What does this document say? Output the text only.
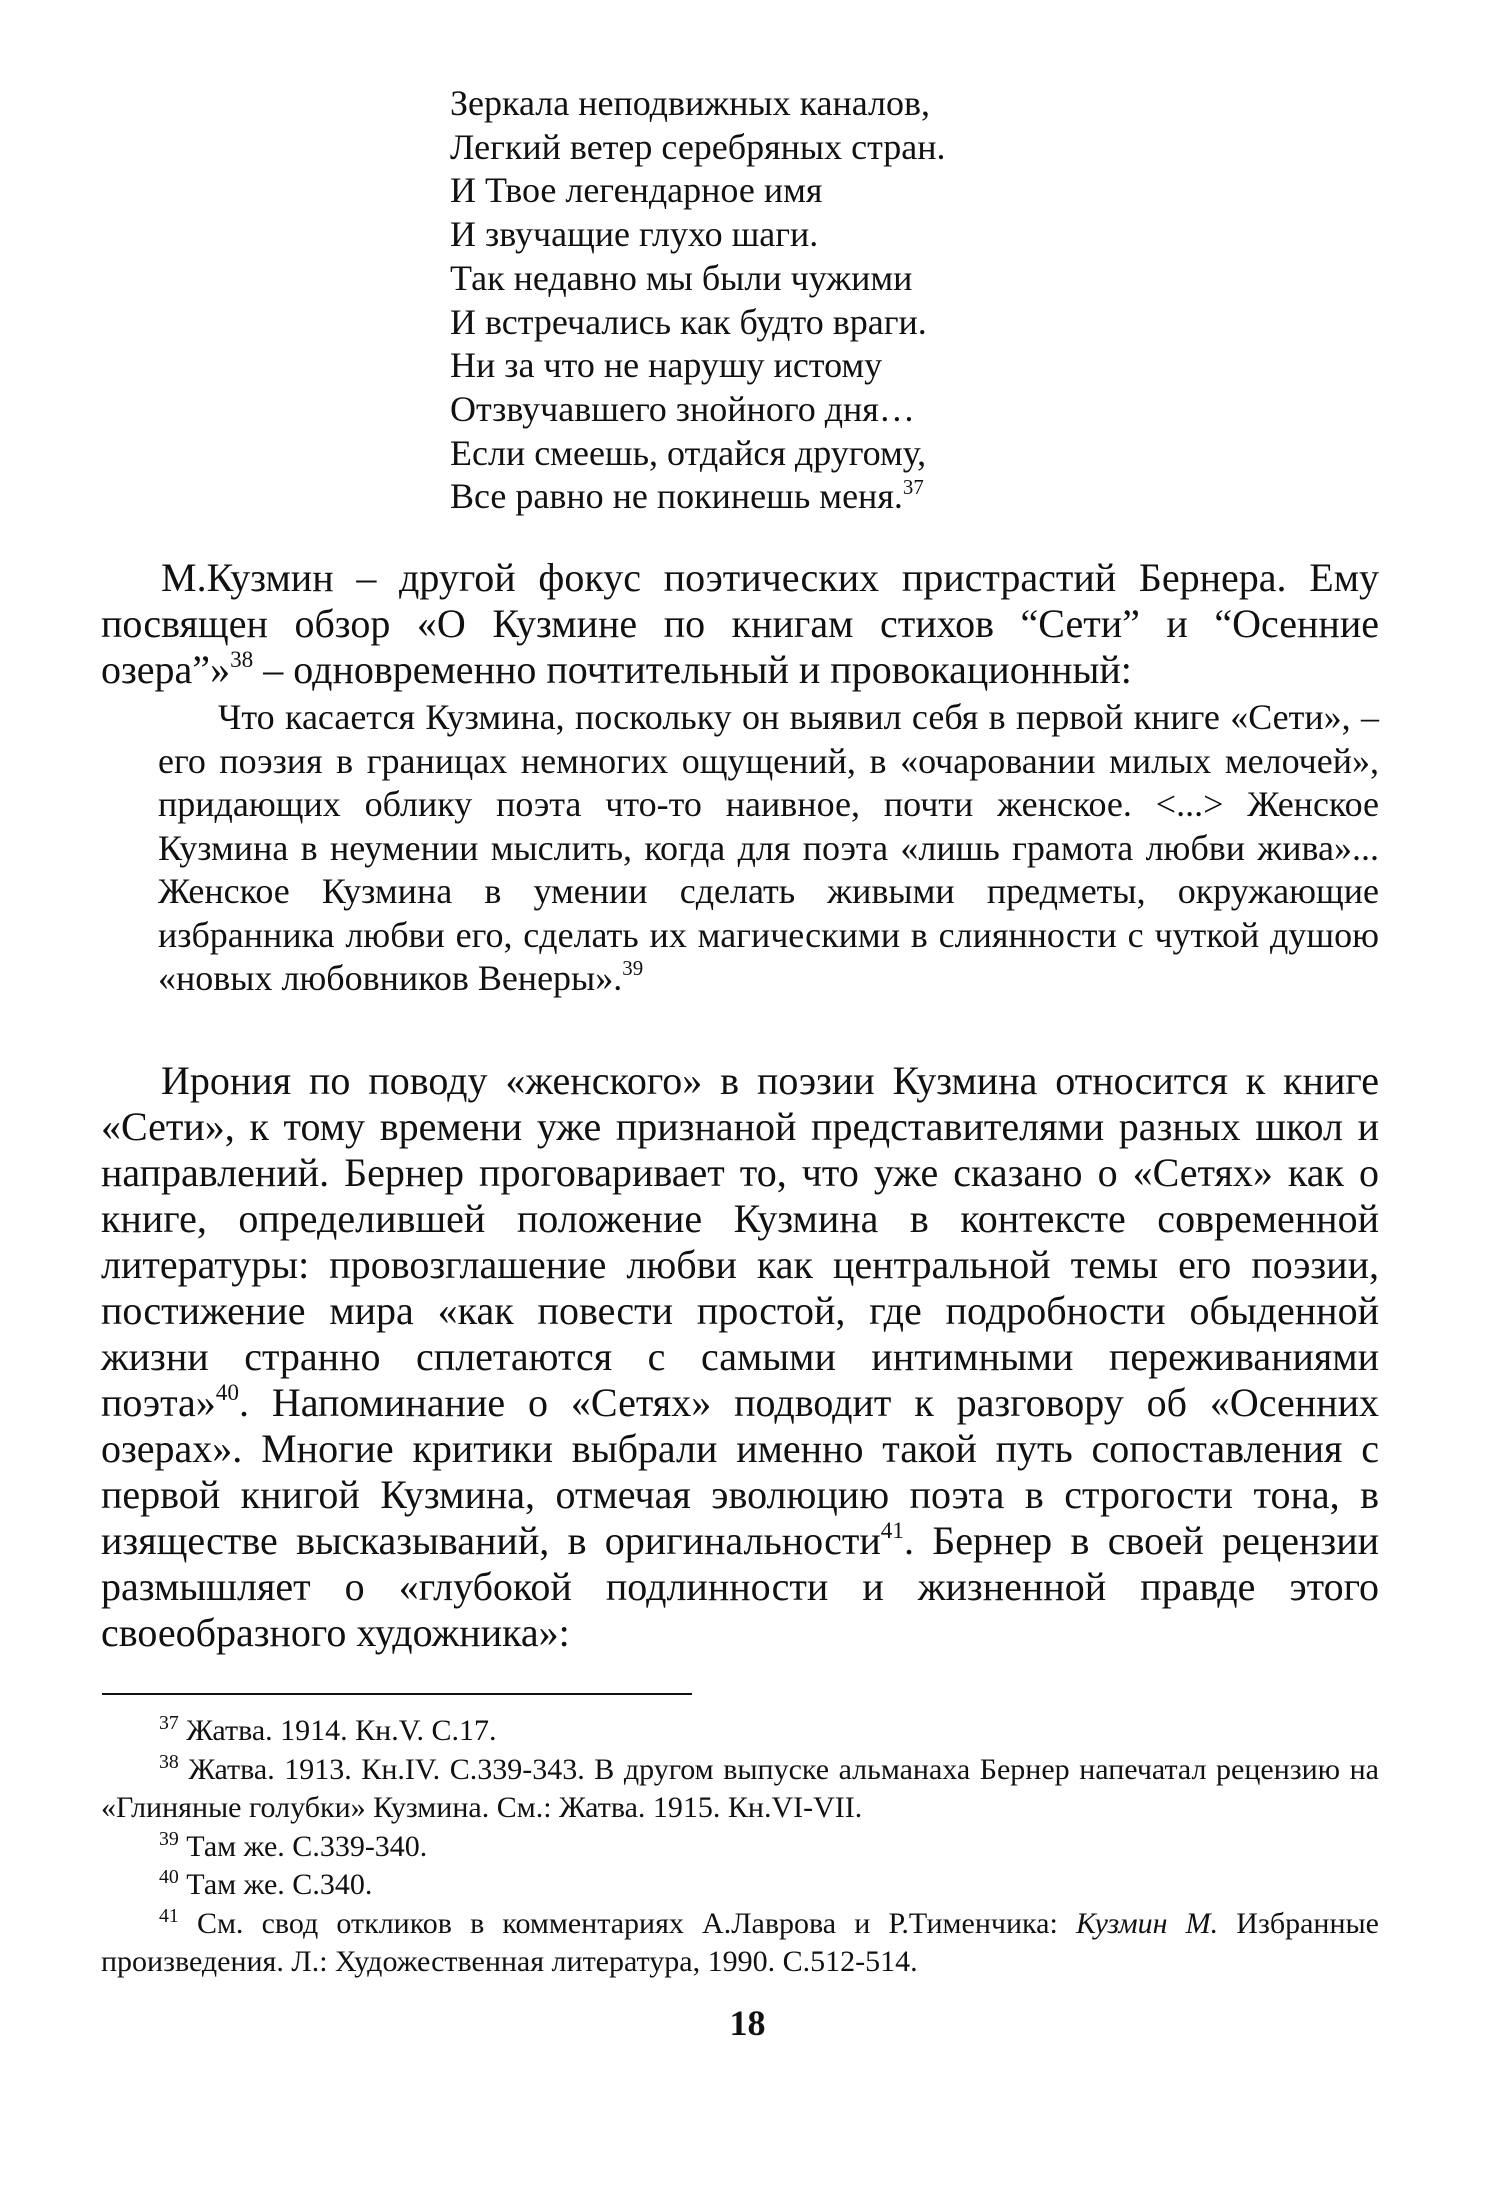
Зеркала неподвижных каналов,
Легкий ветер серебряных стран.
И Твое легендарное имя
И звучащие глухо шаги.
Так недавно мы были чужими
И встречались как будто враги.
Ни за что не нарушу истому
Отзвучавшего знойного дня…
Если смеешь, отдайся другому,
Все равно не покинешь меня.$^{37}$

М.Кузмин – другой фокус поэтических пристрастий Бернера. Ему посвящен обзор «О Кузмине по книгам стихов “Сети” и “Осенние озера”»$^{38}$ – одновременно почтительный и провокационный:

Что касается Кузмина, поскольку он выявил себя в первой книге «Сети», – его поэзия в границах немногих ощущений, в «очаровании милых мелочей», придающих облику поэта что-то наивное, почти женское. <...> Женское Кузмина в неумении мыслить, когда для поэта «лишь грамота любви жива»... Женское Кузмина в умении сделать живыми предметы, окружающие избранника любви его, сделать их магическими в слиянности с чуткой душою «новых любовников Венеры».$^{39}$

Ирония по поводу «женского» в поэзии Кузмина относится к книге «Сети», к тому времени уже признаной представителями разных школ и направлений. Бернер проговаривает то, что уже сказано о «Сетях» как о книге, определившей положение Кузмина в контексте современной литературы: провозглашение любви как центральной темы его поэзии, постижение мира «как повести простой, где подробности обыденной жизни странно сплетаются с самыми интимными переживаниями поэта»$^{40}$. Напоминание о «Сетях» подводит к разговору об «Осенних озерах». Многие критики выбрали именно такой путь сопоставления с первой книгой Кузмина, отмечая эволюцию поэта в строгости тона, в изяществе высказываний, в оригинальности$^{41}$. Бернер в своей рецензии размышляет о «глубокой подлинности и жизненной правде этого своеобразного художника»:

$^{37}$ Жатва. 1914. Кн.V. С.17.
$^{38}$ Жатва. 1913. Кн.IV. С.339-343. В другом выпуске альманаха Бернер напечатал рецензию на «Глиняные голубки» Кузмина. См.: Жатва. 1915. Кн.VI-VII.
$^{39}$ Там же. С.339-340.
$^{40}$ Там же. С.340.
$^{41}$ См. свод откликов в комментариях А.Лаврова и Р.Тименчика: Кузмин М. Избранные произведения. Л.: Художественная литература, 1990. С.512-514.
18
